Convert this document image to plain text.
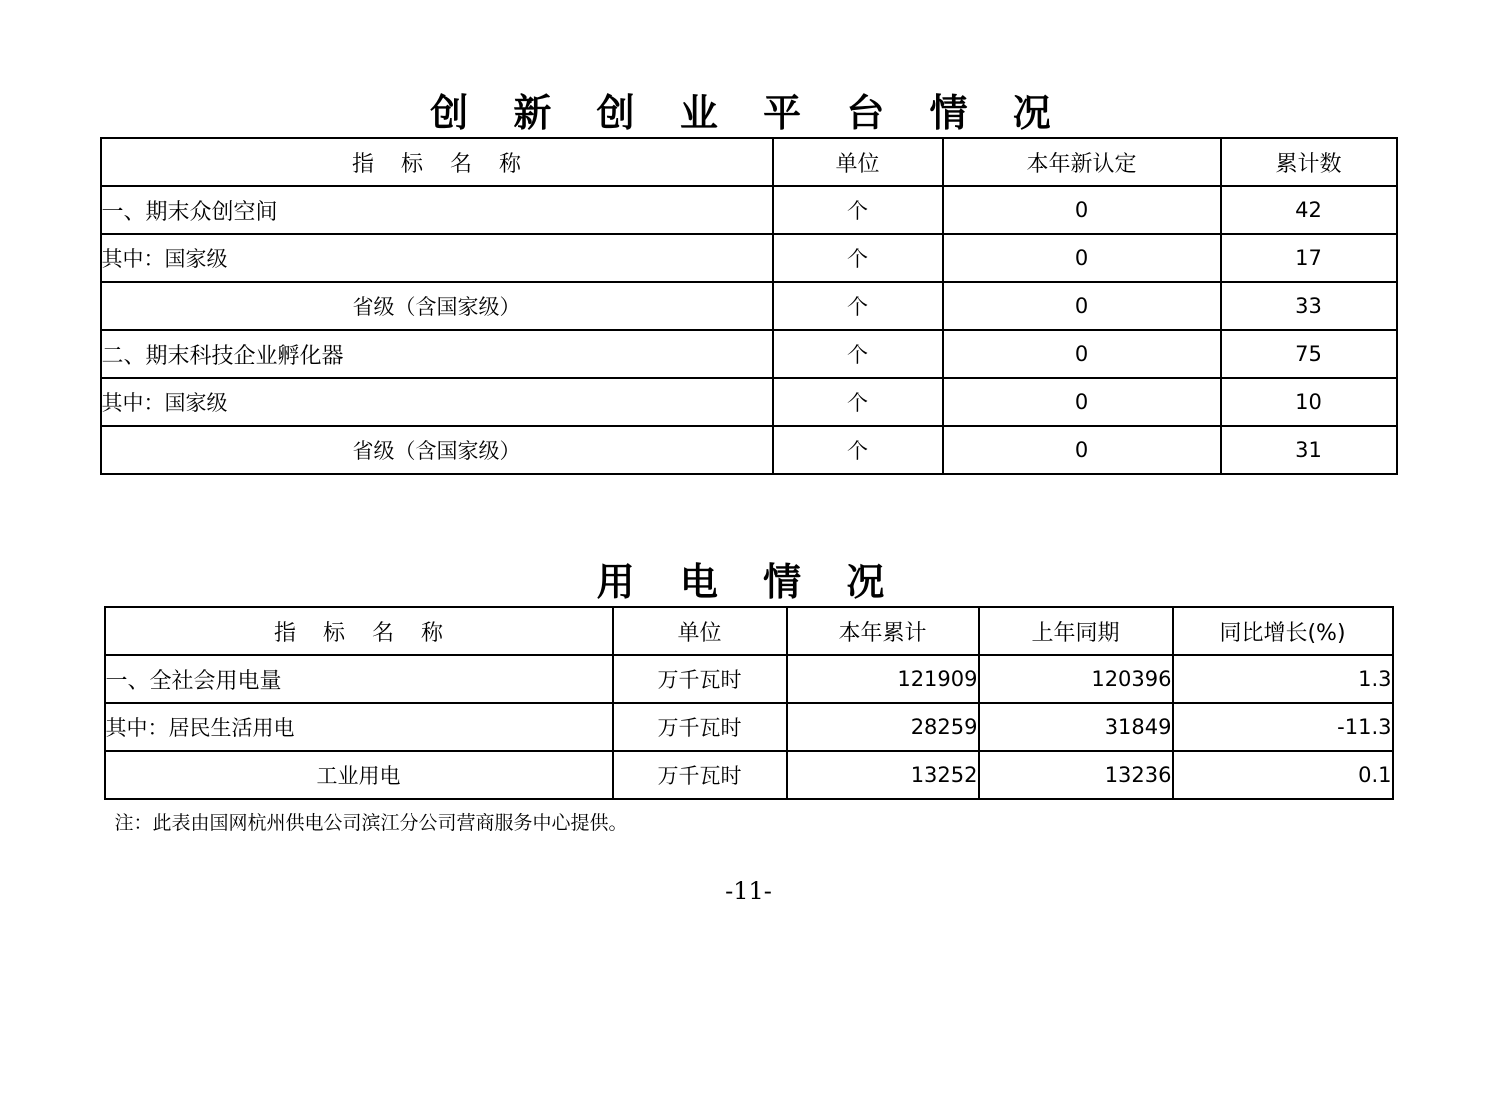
创 新 创 业 平 台 情 况
指 标 名 称	单位	本年新认定	累计数
一、期末众创空间	个	0	42
其中：国家级	个	0	17
省级（含国家级）	个	0	33
二、期末科技企业孵化器	个	0	75
其中：国家级	个	0	10
省级（含国家级）	个	0	31
用 电 情 况
指 标 名 称	单位	本年累计	上年同期	同比增长(%)
一、全社会用电量	万千瓦时	121909	120396	1.3
其中：居民生活用电	万千瓦时	28259	31849	-11.3
工业用电	万千瓦时	13252	13236	0.1
注：此表由国网杭州供电公司滨江分公司营商服务中心提供。
-11-
